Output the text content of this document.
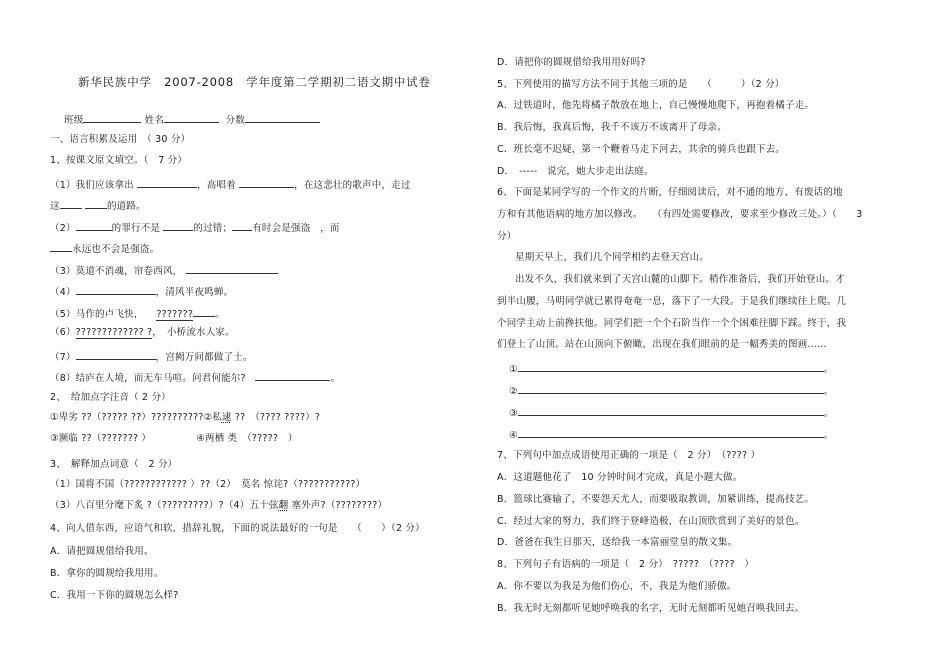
新华民族中学　2007-2008　学年度第二学期初二语文期中试卷
班级	姓名	分数
一、语言积累及运用　（ 30 分）
1、按课文原文填空。（　7 分）
（1）我们应该拿出	，高唱着	，在这悲壮的歌声中，走过
这	的道路。
（2）	的罪行不是	的过错； 有时会是强盗　，而
永远也不会是强盗。
（3）莫道不消魂，帘卷西风，
（4）	，清风半夜鸣蝉。
（5）马作的卢飞快， ??????? 。
（6）????????????? ?，　小桥流水人家。
（7）	，宫阙万间都做了土。
（8）结庐在人境，而无车马喧。问君何能尔?	。
2、　给加点字注音（ 2 分）
①卑劣 ??（????? ??）??????????②私逮 ??　（???? ????）?
③濒临 ??（??????? ）	④两栖 类　（?????　）
3、　解释加点词意（　2 分）
（1）国将不国（???????????? ）??（2）　莫名 惊诧?（???????????）
（3）八百里分麾下炙 ?（?????????）?（4）五十弦翻 塞外声?（????????）
4、向人借东西，应语气和软，措辞礼貌，下面的说法最好的一句是　　（　　）（2 分）
A．请把圆规借给我用。
B．拿你的圆规给我用用。
C．我用一下你的圆规怎么样?
D．请把你的圆规借给我用用好吗?
5、下列使用的描写方法不同于其他三项的是　　（　　　）（2 分）
A．过铁道时，他先将橘子散放在地上，自己慢慢地爬下，再抱着橘子走。
B．我后悔，我真后悔，我千不该万不该离开了母亲。
C．班长毫不迟疑，第一个鞭着马走下河去，其余的骑兵也跟下去。
D．　-----　说完，她大步走出法庭。
6、下面是某同学写的一个作文的片断，仔细阅读后，对不通的地方、有废话的地
方和有其他语病的地方加以修改。　　（有四处需要修改，要求至少修改三处。）（　　3
分）
星期天早上，我们几个同学相约去登天宫山。
出发不久，我们就来到了天宫山麓的山脚下。稍作准备后，我们开始登山。才
到半山腰，马明同学就已累得奄奄一息，落下了一大段。于是我们继续往上爬。几
个同学主动上前搀扶他。同学们把一个个石阶当作一个个困难往脚下踩。终于，我
们登上了山顶。站在山顶向下俯瞰，出现在我们眼前的是一幅秀美的图画……
①	。
②	。
③	。
④	。
7、下列句中加点成语使用正确的一项是（　2 分）　（???? ）
A．这道题他花了　10 分钟时间才完成，真是小题大做。
B．篮球比赛输了，不要怨天尤人，而要吸取教训，加紧训练，提高技艺。
C．经过大家的努力，我们终于登峰造极，在山顶欣赏到了美好的景色。
D．爸爸在我生日那天，送给我一本富丽堂皇的散文集。
8、下列句子有语病的一项是（　2 分）　?????　（????　）
A．你不要以为我是为他们伤心，不，我是为他们骄傲。
B．我无时无刻都听见她呼唤我的名字，无时无刻都听见她召唤我回去。
